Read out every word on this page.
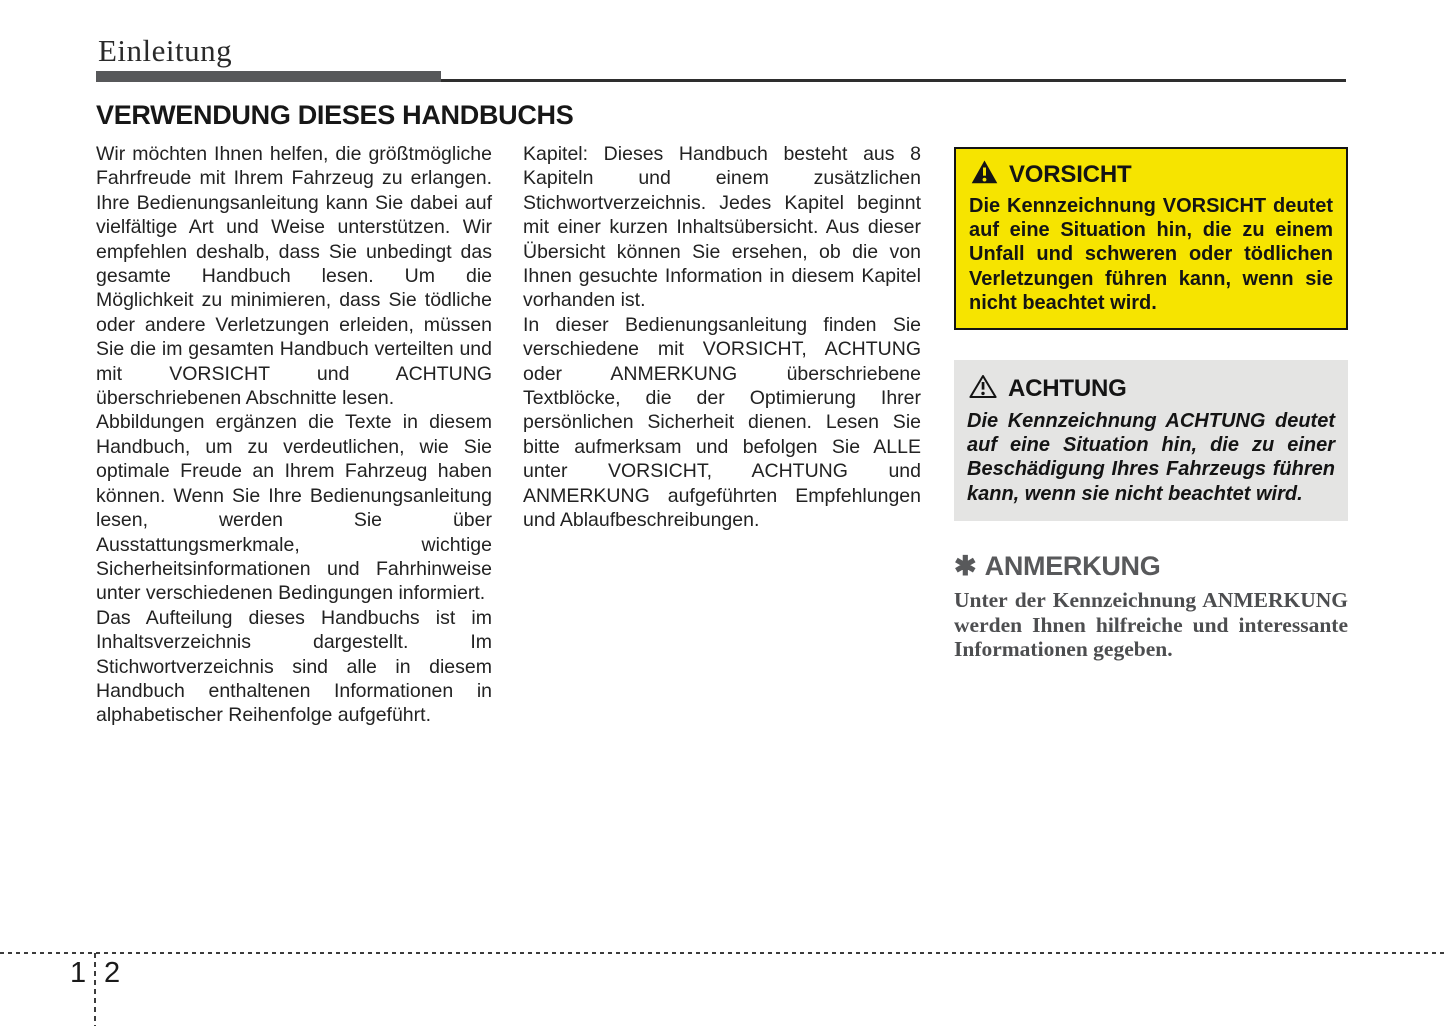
Einleitung
VERWENDUNG DIESES HANDBUCHS

Wir möchten Ihnen helfen, die größtmögliche Fahrfreude mit Ihrem Fahrzeug zu erlangen. Ihre Bedienungsanleitung kann Sie dabei auf vielfältige Art und Weise unterstützen. Wir empfehlen deshalb, dass Sie unbedingt das gesamte Handbuch lesen. Um die Möglichkeit zu minimieren, dass Sie tödliche oder andere Verletzungen erleiden, müssen Sie die im gesamten Handbuch verteilten und mit VORSICHT und ACHTUNG überschriebenen Abschnitte lesen.

Abbildungen ergänzen die Texte in diesem Handbuch, um zu verdeutlichen, wie Sie optimale Freude an Ihrem Fahrzeug haben können. Wenn Sie Ihre Bedienungsanleitung lesen, werden Sie über Ausstattungsmerkmale, wichtige Sicherheitsinformationen und Fahrhinweise unter verschiedenen Bedingungen informiert.

Das Aufteilung dieses Handbuchs ist im Inhaltsverzeichnis dargestellt. Im Stichwortverzeichnis sind alle in diesem Handbuch enthaltenen Informationen in alphabetischer Reihenfolge aufgeführt.

Kapitel: Dieses Handbuch besteht aus 8 Kapiteln und einem zusätzlichen Stichwortverzeichnis. Jedes Kapitel beginnt mit einer kurzen Inhaltsübersicht. Aus dieser Übersicht können Sie ersehen, ob die von Ihnen gesuchte Information in diesem Kapitel vorhanden ist.

In dieser Bedienungsanleitung finden Sie verschiedene mit VORSICHT, ACHTUNG oder ANMERKUNG überschriebene Textblöcke, die der Optimierung Ihrer persönlichen Sicherheit dienen. Lesen Sie bitte aufmerksam und befolgen Sie ALLE unter VORSICHT, ACHTUNG und ANMERKUNG aufgeführten Empfehlungen und Ablaufbeschreibungen.

VORSICHT

Die Kennzeichnung VORSICHT deutet auf eine Situation hin, die zu einem Unfall und schweren oder tödlichen Verletzungen führen kann, wenn sie nicht beachtet wird.

ACHTUNG

Die Kennzeichnung ACHTUNG deutet auf eine Situation hin, die zu einer Beschädigung Ihres Fahrzeugs führen kann, wenn sie nicht beachtet wird.

✱ ANMERKUNG

Unter der Kennzeichnung ANMERKUNG werden Ihnen hilfreiche und interessante Informationen gegeben.

1 2
